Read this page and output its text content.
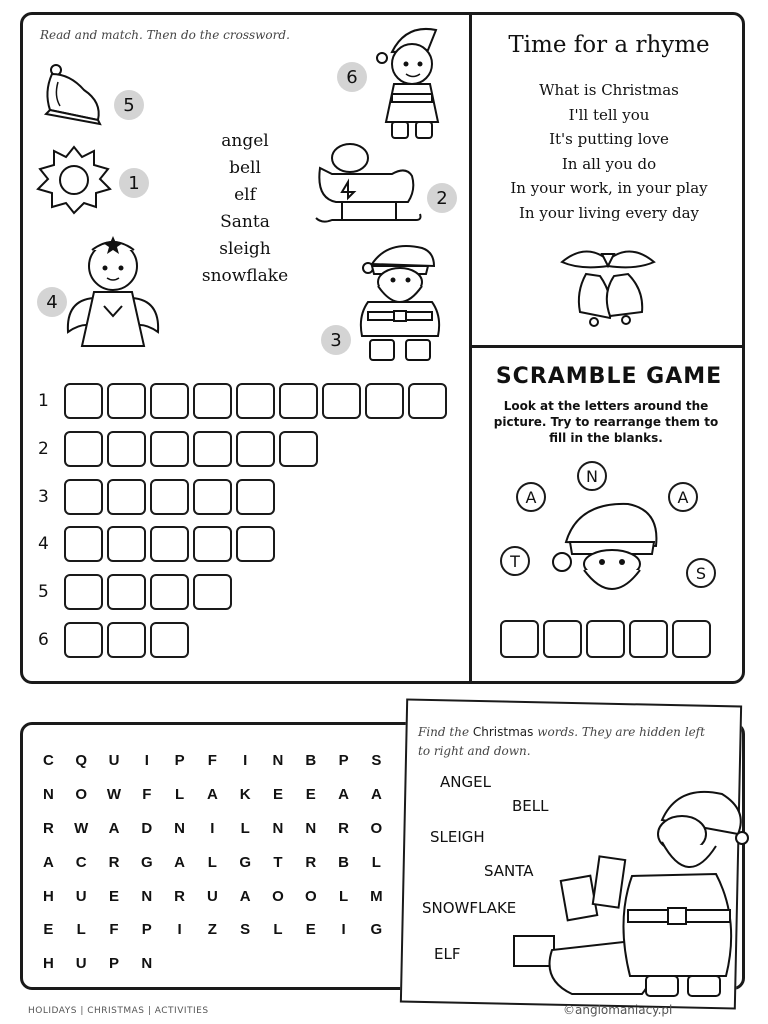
Read and match. Then do the crossword.
5
1
4
angel
bell
elf
Santa
sleigh
snowflake
6
2
3
1
2
3
4
5
6
Time for a rhyme
What is Christmas
I'll tell you
It's putting love
In all you do
In your work, in your play
In your living every day
SCRAMBLE GAME
Look at the letters around the picture. Try to rearrange them to fill in the blanks.
N
A	A
T
S
C	Q	U	I	P	F	I	N	B	P	S
N	O	W	F	L	A	K	E	E	A	A
R	W	A	D	N	I	L	N	N	R	O
A	C	R	G	A	L	G	T	R	B	L
H	U	E	N	R	U	A	O	O	L	M
E	L	F	P	I	Z	S	L	E	I	G
H	U	P	N
Find the Christmas words. They are hidden left to right and down.
ANGEL
BELL
SLEIGH
SANTA
SNOWFLAKE
ELF
HOLIDAYS | CHRISTMAS | ACTIVITIES	©anglomaniacy.pl
